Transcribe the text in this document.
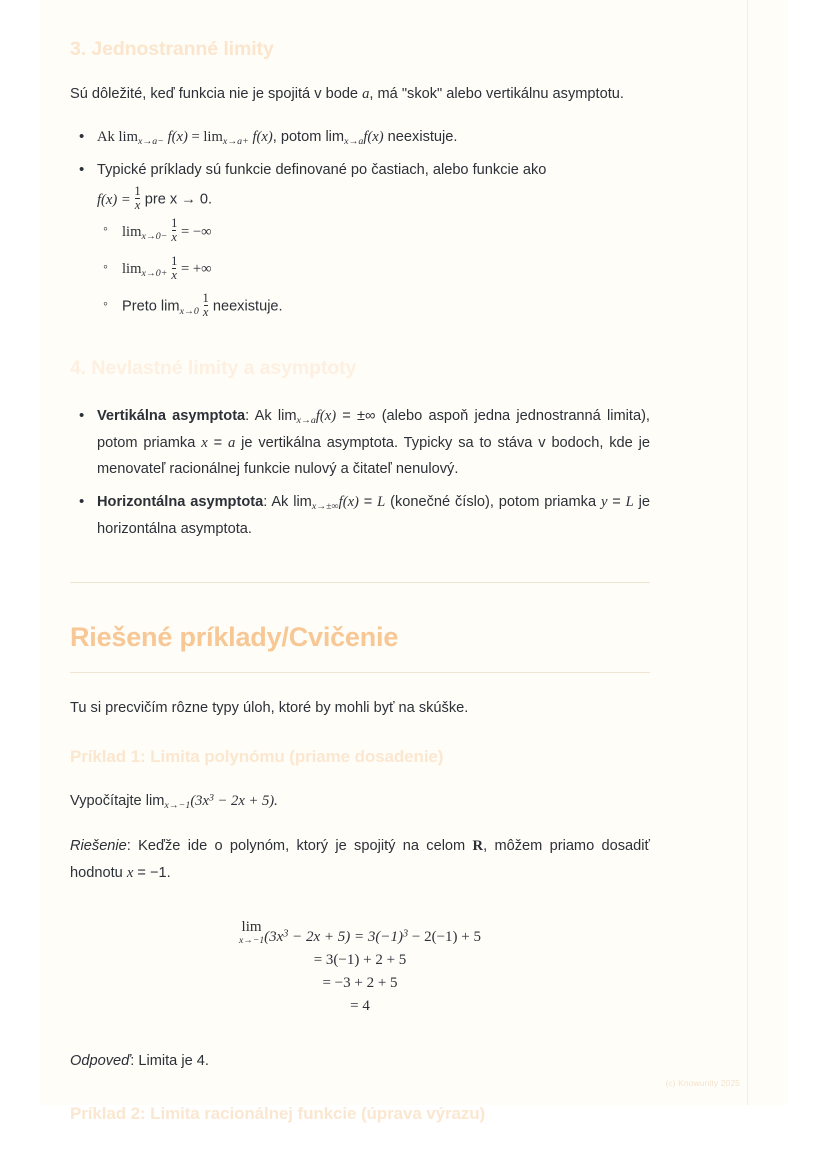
3. Jednostranné limity

Sú dôležité, keď funkcia nie je spojitá v bode a, má "skok" alebo vertikálnu asymptotu.

• Ak $\lim_{x\to a-} f(x) = \lim_{x\to a+} f(x)$, potom $\lim_{x\to a}f(x)$ neexistuje.
• Typické príklady sú funkcie definované po častiach, alebo funkcie ako
$f(x) = \frac{1}{x}$ pre x → 0.
◦ $\lim_{x\to 0-} \frac{1}{x}$ = −∞
◦ $\lim_{x\to 0+} \frac{1}{x}$ = +∞
◦ Preto $\lim_{x\to 0} \frac{1}{x}$ neexistuje.
4. Nevlastné limity a asymptoty
• Vertikálna asymptota: Ak $\lim_{x\to a}f(x)$ = ±∞ (alebo aspoň jedna jednostranná limita), potom priamka x = a je vertikálna asymptota. Typicky sa to stáva v bodoch, kde je menovateľ racionálnej funkcie nulový a čitateľ nenulový.
• Horizontálna asymptota: Ak $\lim_{x\to\pm\infty}f(x) = L$ (konečné číslo), potom priamka y = L je horizontálna asymptota.
Riešené príklady/Cvičenie

Tu si precvičím rôzne typy úloh, ktoré by mohli byť na skúške.

Príklad 1: Limita polynómu (priame dosadenie)

Vypočítajte $\lim_{x\to-1}(3x^3 - 2x + 5)$.

Riešenie: Keďže ide o polynóm, ktorý je spojitý na celom R, môžem priamo dosadiť hodnotu x = −1.

lim
x→−1 $(3x^3 - 2x + 5) = 3(-1)^3 - 2(-1) + 5$
= 3(−1) + 2 + 5
= −3 + 2 + 5
= 4

Odpoveď: Limita je 4.

Príklad 2: Limita racionálnej funkcie (úprava výrazu)
(c) Knowunity 2025
